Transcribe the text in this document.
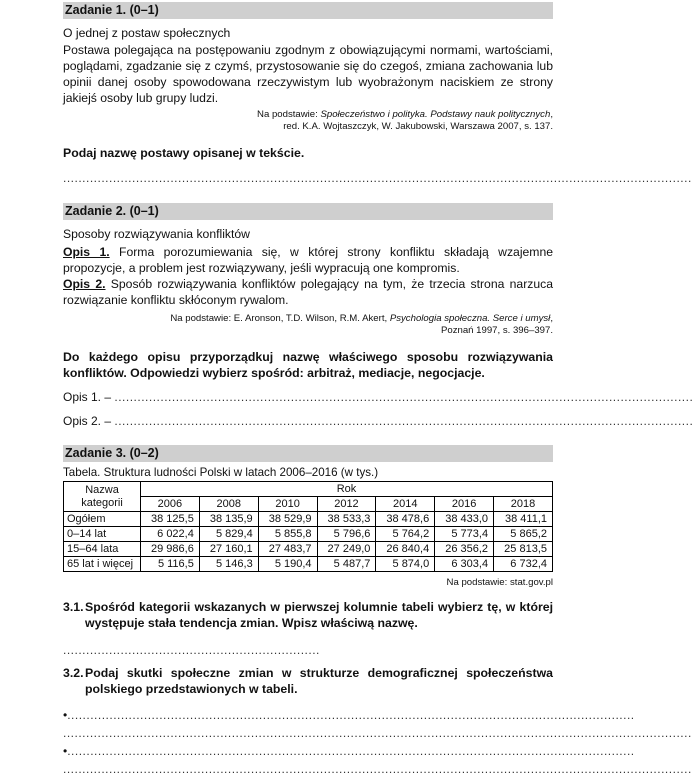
Zadanie 1. (0–1)
O jednej z postaw społecznych
Postawa polegająca na postępowaniu zgodnym z obowiązującymi normami, wartościami, poglądami, zgadzanie się z czymś, przystosowanie się do czegoś, zmiana zachowania lub opinii danej osoby spowodowana rzeczywistym lub wyobrażonym naciskiem ze strony jakiejś osoby lub grupy ludzi.
Na podstawie: Społeczeństwo i polityka. Podstawy nauk politycznych,
red. K.A. Wojtaszczyk, W. Jakubowski, Warszawa 2007, s. 137.
Podaj nazwę postawy opisanej w tekście.
....................................................................................................................................................................
Zadanie 2. (0–1)
Sposoby rozwiązywania konfliktów
Opis 1. Forma porozumiewania się, w której strony konfliktu składają wzajemne propozycje, a problem jest rozwiązywany, jeśli wypracują one kompromis.
Opis 2. Sposób rozwiązywania konfliktów polegający na tym, że trzecia strona narzuca rozwiązanie konfliktu skłóconym rywalom.
Na podstawie: E. Aronson, T.D. Wilson, R.M. Akert, Psychologia społeczna. Serce i umysł,
Poznań 1997, s. 396–397.
Do każdego opisu przyporządkuj nazwę właściwego sposobu rozwiązywania konfliktów. Odpowiedzi wybierz spośród: arbitraż, mediacje, negocjacje.
Opis 1. – .......................................................................................................................................................
Opis 2. – .......................................................................................................................................................
Zadanie 3. (0–2)
Tabela. Struktura ludności Polski w latach 2006–2016 (w tys.)
Nazwa kategorii	Rok						
	2006	2008	2010	2012	2014	2016	2018
Ogółem	38 125,5	38 135,9	38 529,9	38 533,3	38 478,6	38 433,0	38 411,1
0–14 lat	6 022,4	5 829,4	5 855,8	5 796,6	5 764,2	5 773,4	5 865,2
15–64 lata	29 986,6	27 160,1	27 483,7	27 249,0	26 840,4	26 356,2	25 813,5
65 lat i więcej	5 116,5	5 146,3	5 190,4	5 487,7	5 874,0	6 303,4	6 732,4
Na podstawie: stat.gov.pl
3.1. Spośród kategorii wskazanych w pierwszej kolumnie tabeli wybierz tę, w której występuje stała tendencja zmian. Wpisz właściwą nazwę.
...................................................................
3.2. Podaj skutki społeczne zmian w strukturze demograficznej społeczeństwa polskiego przedstawionych w tabeli.
• ....................................................................................................................................................
....................................................................................................................................................................
• ....................................................................................................................................................
....................................................................................................................................................................
